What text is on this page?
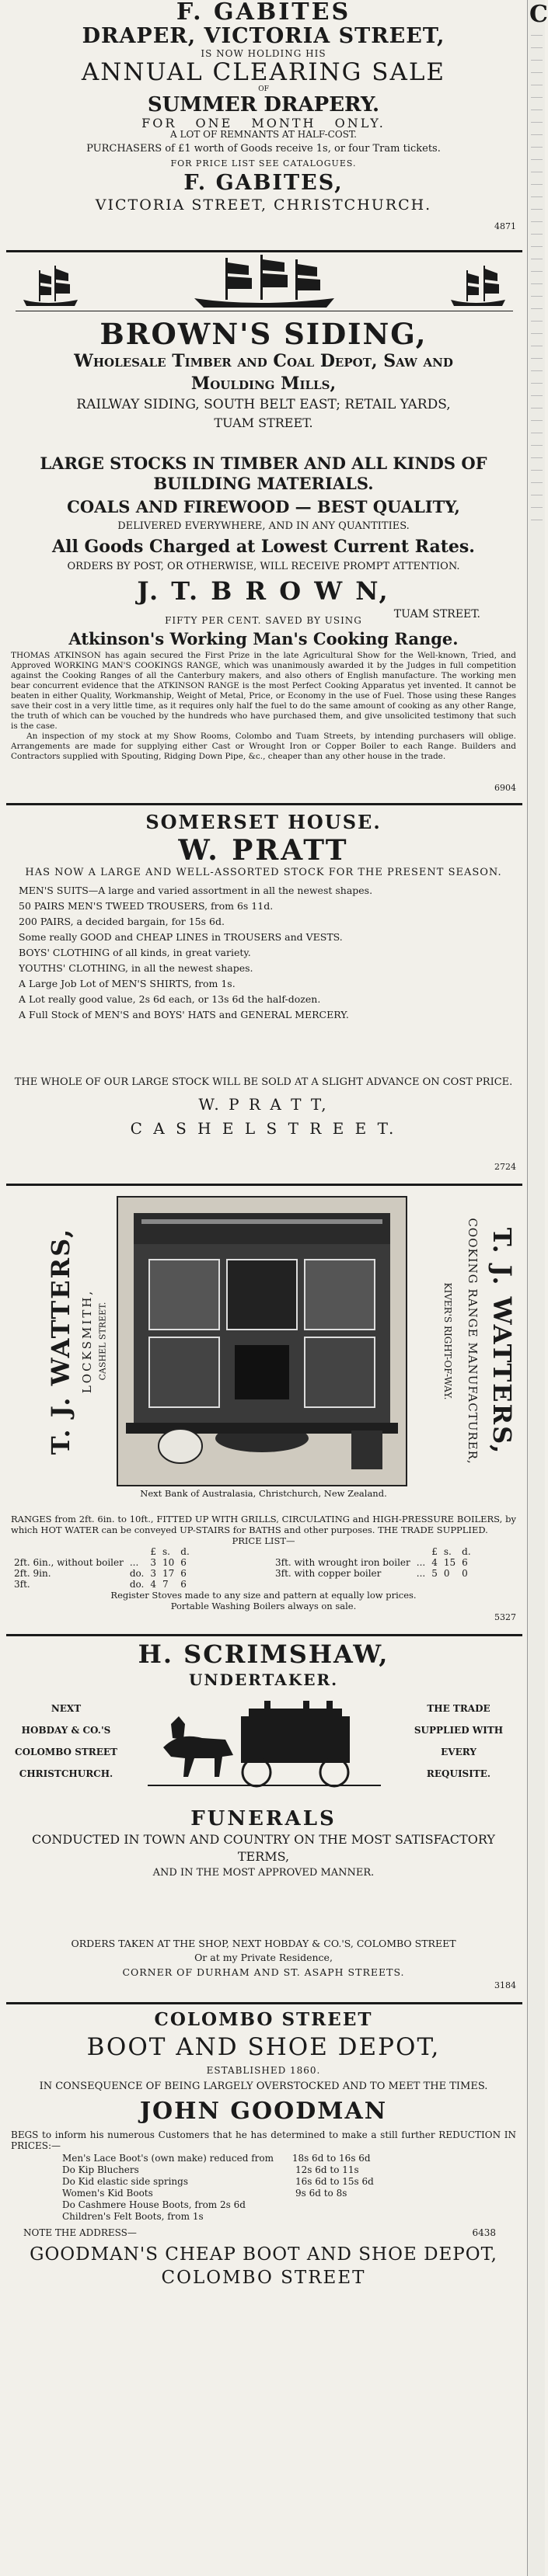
F. GABITES
DRAPER, VICTORIA STREET,
IS NOW HOLDING HIS
ANNUAL CLEARING SALE
OF
SUMMER DRAPERY.
FOR ONE MONTH ONLY.
A LOT OF REMNANTS AT HALF-COST.
PURCHASERS of £1 worth of Goods receive 1s, or four Tram tickets.
FOR PRICE LIST SEE CATALOGUES.
F. GABITES,
VICTORIA STREET, CHRISTCHURCH.
4871
BROWN'S SIDING,
Wholesale Timber and Coal Depot, Saw and
Moulding Mills,
RAILWAY SIDING, SOUTH BELT EAST; RETAIL YARDS,
TUAM STREET.
LARGE STOCKS IN TIMBER AND ALL KINDS OF BUILDING MATERIALS.
COALS AND FIREWOOD — BEST QUALITY,
DELIVERED EVERYWHERE, AND IN ANY QUANTITIES.
All Goods Charged at Lowest Current Rates.
ORDERS BY POST, OR OTHERWISE, WILL RECEIVE PROMPT ATTENTION.
J. T. B R O W N,
TUAM STREET.
FIFTY PER CENT. SAVED BY USING
Atkinson's Working Man's Cooking Range.
THOMAS ATKINSON has again secured the First Prize in the late Agricultural Show for the Well-known, Tried, and Approved WORKING MAN'S COOKINGS RANGE, which was unanimously awarded it by the Judges in full competition against the Cooking Ranges of all the Canterbury makers, and also others of English manufacture. The working men bear concurrent evidence that the ATKINSON RANGE is the most Perfect Cooking Apparatus yet invented. It cannot be beaten in either Quality, Workmanship, Weight of Metal, Price, or Economy in the use of Fuel. Those using these Ranges save their cost in a very little time, as it requires only half the fuel to do the same amount of cooking as any other Range, the truth of which can be vouched by the hundreds who have purchased them, and give unsolicited testimony that such is the case.
An inspection of my stock at my Show Rooms, Colombo and Tuam Streets, by intending purchasers will oblige. Arrangements are made for supplying either Cast or Wrought Iron or Copper Boiler to each Range. Builders and Contractors supplied with Spouting, Ridging Down Pipe, &c., cheaper than any other house in the trade.
6904
SOMERSET HOUSE.
W. PRATT
HAS NOW A LARGE AND WELL-ASSORTED STOCK FOR THE PRESENT SEASON.
MEN'S SUITS—A large and varied assortment in all the newest shapes.
50 PAIRS MEN'S TWEED TROUSERS, from 6s 11d.
200 PAIRS, a decided bargain, for 15s 6d.
Some really GOOD and CHEAP LINES in TROUSERS and VESTS.
BOYS' CLOTHING of all kinds, in great variety.
YOUTHS' CLOTHING, in all the newest shapes.
A Large Job Lot of MEN'S SHIRTS, from 1s.
A Lot really good value, 2s 6d each, or 13s 6d the half-dozen.
A Full Stock of MEN'S and BOYS' HATS and GENERAL MERCERY.
THE WHOLE OF OUR LARGE STOCK WILL BE SOLD AT A SLIGHT ADVANCE ON COST PRICE.
W. P R A T T,
C A S H E L S T R E E T.
2724
T. J. WATTERS, LOCKSMITH, CASHEL STREET.	T. J. WATTERS,
COOKING RANGE MANUFACTURER,
KIVER'S RIGHT-OF-WAY.
Next Bank of Australasia, Christchurch, New Zealand.
RANGES from 2ft. 6in. to 10ft., FITTED UP WITH GRILLS, CIRCULATING and HIGH-PRESSURE BOILERS, by which HOT WATER can be conveyed UP-STAIRS for BATHS and other purposes. THE TRADE SUPPLIED.
PRICE LIST—
		£	s.	d.
2ft. 6in., without boiler	...	3	10	6
2ft. 9in.	do.	3	17	6
3ft.	do.	4	7	6
		£	s.	d.
3ft. with wrought iron boiler	...	4	15	6
3ft. with copper boiler	...	5	0	0
Register Stoves made to any size and pattern at equally low prices.
Portable Washing Boilers always on sale.
5327
H. SCRIMSHAW,
UNDERTAKER.
NEXT
HOBDAY & CO.'S
COLOMBO STREET
CHRISTCHURCH.
THE TRADE
SUPPLIED WITH
EVERY
REQUISITE.
FUNERALS
CONDUCTED IN TOWN AND COUNTRY ON THE MOST SATISFACTORY TERMS,
AND IN THE MOST APPROVED MANNER.
ORDERS TAKEN AT THE SHOP, NEXT HOBDAY & CO.'S, COLOMBO STREET
Or at my Private Residence,
CORNER OF DURHAM AND ST. ASAPH STREETS.
3184
COLOMBO STREET
BOOT AND SHOE DEPOT,
ESTABLISHED 1860.
IN CONSEQUENCE OF BEING LARGELY OVERSTOCKED AND TO MEET THE TIMES.
JOHN GOODMAN
BEGS to inform his numerous Customers that he has determined to make a still further REDUCTION IN PRICES:—
Men's Lace Boot's (own make) reduced from 18s 6d to 16s 6d
Do Kip Bluchers	12s 6d to 11s
Do Kid elastic side springs	16s 6d to 15s 6d
Women's Kid Boots	9s 6d to 8s
Do Cashmere House Boots, from 2s 6d
Children's Felt Boots, from 1s
NOTE THE ADDRESS—	6438
GOODMAN'S CHEAP BOOT AND SHOE DEPOT,
COLOMBO STREET
C
